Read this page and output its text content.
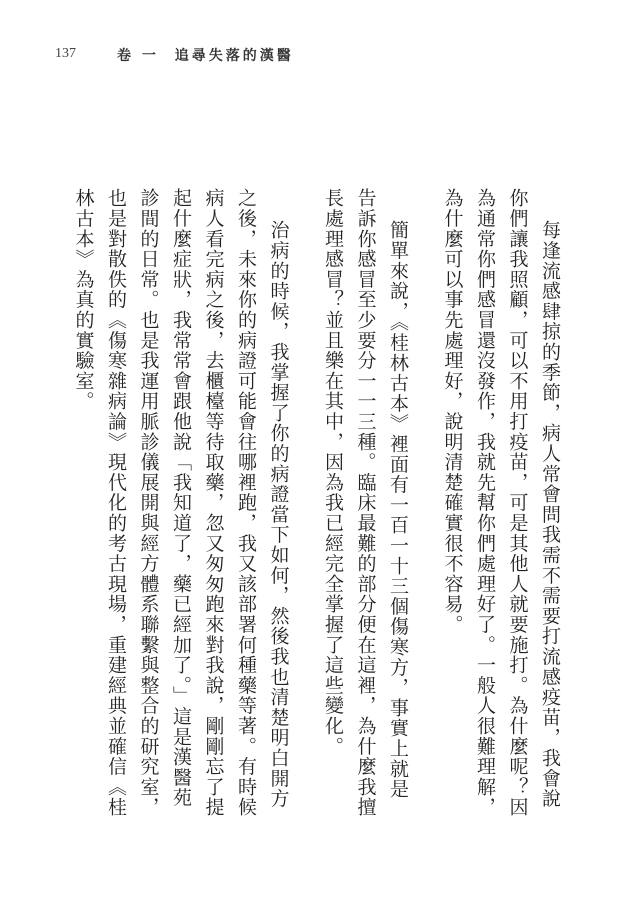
137	卷 一 追尋失落的漢醫
每逢流感肆掠的季節，病人常會問我需不需要打流感疫苗，我會說
你們讓我照顧，可以不用打疫苗，可是其他人就要施打。為什麼呢？因
為通常你們感冒還沒發作，我就先幫你們處理好了。一般人很難理解，
為什麼可以事先處理好，說明清楚確實很不容易。
簡單來說，《桂林古本》裡面有一百一十三個傷寒方，事實上就是
告訴你感冒至少要分一一三種。臨床最難的部分便在這裡，為什麼我擅
長處理感冒？並且樂在其中，因為我已經完全掌握了這些變化。
治病的時候，我掌握了你的病證當下如何，然後我也清楚明白開方
之後，未來你的病證可能會往哪裡跑，我又該部署何種藥等著。有時候
病人看完病之後，去櫃檯等待取藥，忽又匆匆跑來對我說，剛剛忘了提
起什麼症狀，我常常會跟他說「我知道了，藥已經加了。」這是漢醫苑
診間的日常。也是我運用脈診儀展開與經方體系聯繫與整合的研究室，
也是對散佚的《傷寒雜病論》現代化的考古現場，重建經典並確信《桂
林古本》為真的實驗室。
